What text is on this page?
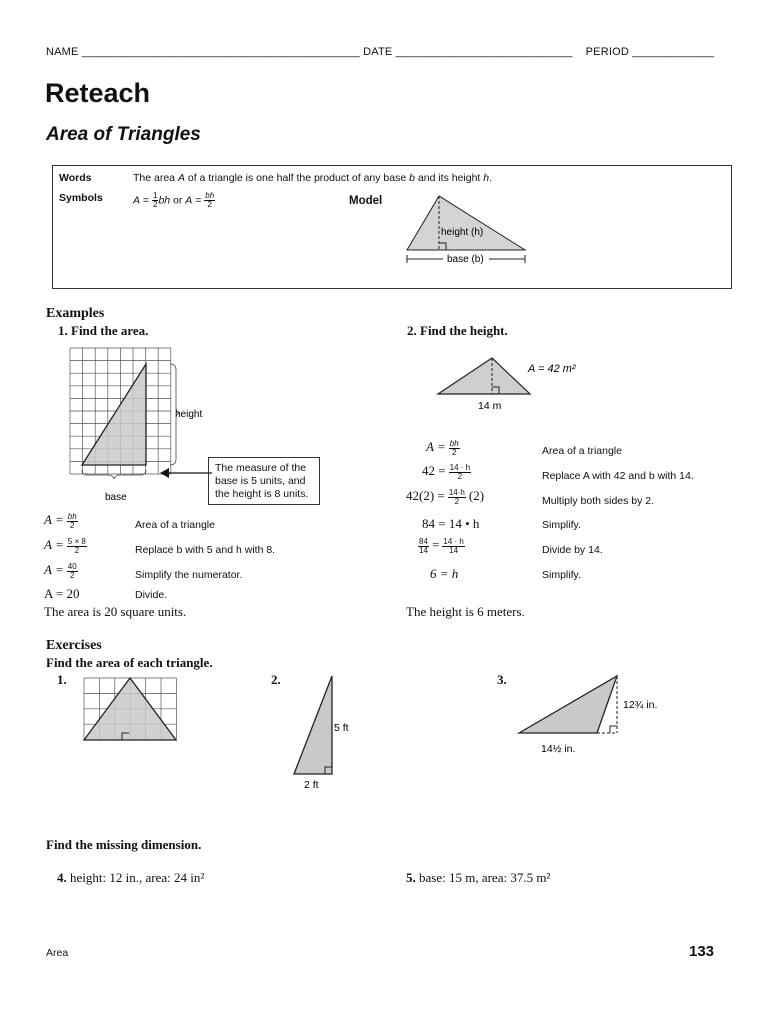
NAME ____________________________________________ DATE ____________________________ PERIOD _____________
Reteach
Area of Triangles
Words	The area A of a triangle is one half the product of any base b and its height h.
Symbols	$A = \frac{1}{2}$ bh or $A = \frac{bh}{2}$	Model
height (h)
base (b)
Examples
1. Find the area.	2. Find the height.
height
base
The measure of the
base is 5 units, and
the height is 8 units.
$A = \frac{bh}{2}$	Area of a triangle
$A = \frac{5 \times 8}{2}$	Replace b with 5 and h with 8.
$A = \frac{40}{2}$	Simplify the numerator.
A = 20	Divide.
The area is 20 square units.
A = 42 m²
14 m
$A = \frac{bh}{2}$	Area of a triangle
$42 = \frac{14 \cdot h}{2}$	Replace A with 42 and b with 14.
$42(2) = \frac{14\cdot h}{2} (2)$	Multiply both sides by 2.
84 = 14 • h	Simplify.
$\frac{84}{14} = \frac{14 \cdot h}{14}$	Divide by 14.
6 = h	Simplify.
The height is 6 meters.
Exercises
Find the area of each triangle.
1.	2.
5 ft
2 ft
3.
12¾ in.
14½ in.
Find the missing dimension.
4. height: 12 in., area: 24 in²	5. base: 15 m, area: 37.5 m²
Area	133
